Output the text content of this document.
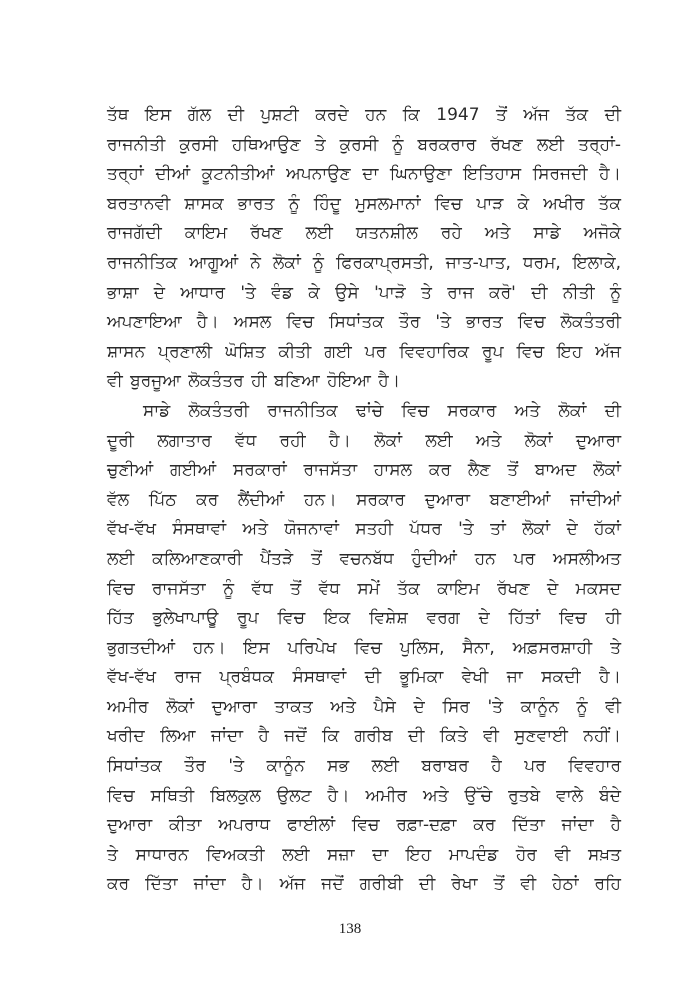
ਤੱਥ ਇਸ ਗੱਲ ਦੀ ਪੁਸ਼ਟੀ ਕਰਦੇ ਹਨ ਕਿ 1947 ਤੋਂ ਅੱਜ ਤੱਕ ਦੀ
ਰਾਜਨੀਤੀ ਕੁਰਸੀ ਹਥਿਆਉਣ ਤੇ ਕੁਰਸੀ ਨੂੰ ਬਰਕਰਾਰ ਰੱਖਣ ਲਈ ਤਰ੍ਹਾਂ-
ਤਰ੍ਹਾਂ ਦੀਆਂ ਕੂਟਨੀਤੀਆਂ ਅਪਨਾਉਣ ਦਾ ਘਿਨਾਉਣਾ ਇਤਿਹਾਸ ਸਿਰਜਦੀ ਹੈ।
ਬਰਤਾਨਵੀ ਸ਼ਾਸਕ ਭਾਰਤ ਨੂੰ ਹਿੰਦੂ ਮੁਸਲਮਾਨਾਂ ਵਿਚ ਪਾੜ ਕੇ ਅਖੀਰ ਤੱਕ
ਰਾਜਗੱਦੀ ਕਾਇਮ ਰੱਖਣ ਲਈ ਯਤਨਸ਼ੀਲ ਰਹੇ ਅਤੇ ਸਾਡੇ ਅਜੋਕੇ
ਰਾਜਨੀਤਿਕ ਆਗੂਆਂ ਨੇ ਲੋਕਾਂ ਨੂੰ ਫਿਰਕਾਪ੍ਰਸਤੀ, ਜਾਤ-ਪਾਤ, ਧਰਮ, ਇਲਾਕੇ,
ਭਾਸ਼ਾ ਦੇ ਆਧਾਰ 'ਤੇ ਵੰਡ ਕੇ ਉਸੇ 'ਪਾੜੋ ਤੇ ਰਾਜ ਕਰੋ' ਦੀ ਨੀਤੀ ਨੂੰ
ਅਪਣਾਇਆ ਹੈ। ਅਸਲ ਵਿਚ ਸਿਧਾਂਤਕ ਤੌਰ 'ਤੇ ਭਾਰਤ ਵਿਚ ਲੋਕਤੰਤਰੀ
ਸ਼ਾਸਨ ਪ੍ਰਣਾਲੀ ਘੋਸ਼ਿਤ ਕੀਤੀ ਗਈ ਪਰ ਵਿਵਹਾਰਿਕ ਰੂਪ ਵਿਚ ਇਹ ਅੱਜ
ਵੀ ਬੁਰਜੂਆ ਲੋਕਤੰਤਰ ਹੀ ਬਣਿਆ ਹੋਇਆ ਹੈ।
ਸਾਡੇ ਲੋਕਤੰਤਰੀ ਰਾਜਨੀਤਿਕ ਢਾਂਚੇ ਵਿਚ ਸਰਕਾਰ ਅਤੇ ਲੋਕਾਂ ਦੀ
ਦੂਰੀ ਲਗਾਤਾਰ ਵੱਧ ਰਹੀ ਹੈ। ਲੋਕਾਂ ਲਈ ਅਤੇ ਲੋਕਾਂ ਦੁਆਰਾ
ਚੁਣੀਆਂ ਗਈਆਂ ਸਰਕਾਰਾਂ ਰਾਜਸੱਤਾ ਹਾਸਲ ਕਰ ਲੈਣ ਤੋਂ ਬਾਅਦ ਲੋਕਾਂ
ਵੱਲ ਪਿੱਠ ਕਰ ਲੈਂਦੀਆਂ ਹਨ। ਸਰਕਾਰ ਦੁਆਰਾ ਬਣਾਈਆਂ ਜਾਂਦੀਆਂ
ਵੱਖ-ਵੱਖ ਸੰਸਥਾਵਾਂ ਅਤੇ ਯੋਜਨਾਵਾਂ ਸਤਹੀ ਪੱਧਰ 'ਤੇ ਤਾਂ ਲੋਕਾਂ ਦੇ ਹੱਕਾਂ
ਲਈ ਕਲਿਆਣਕਾਰੀ ਪੈਂਤੜੇ ਤੋਂ ਵਚਨਬੱਧ ਹੁੰਦੀਆਂ ਹਨ ਪਰ ਅਸਲੀਅਤ
ਵਿਚ ਰਾਜਸੱਤਾ ਨੂੰ ਵੱਧ ਤੋਂ ਵੱਧ ਸਮੇਂ ਤੱਕ ਕਾਇਮ ਰੱਖਣ ਦੇ ਮਕਸਦ
ਹਿੱਤ ਭੁਲੇਖਾਪਾਊ ਰੂਪ ਵਿਚ ਇਕ ਵਿਸ਼ੇਸ਼ ਵਰਗ ਦੇ ਹਿੱਤਾਂ ਵਿਚ ਹੀ
ਭੁਗਤਦੀਆਂ ਹਨ। ਇਸ ਪਰਿਪੇਖ ਵਿਚ ਪੁਲਿਸ, ਸੈਨਾ, ਅਫ਼ਸਰਸ਼ਾਹੀ ਤੇ
ਵੱਖ-ਵੱਖ ਰਾਜ ਪ੍ਰਬੰਧਕ ਸੰਸਥਾਵਾਂ ਦੀ ਭੂਮਿਕਾ ਵੇਖੀ ਜਾ ਸਕਦੀ ਹੈ।
ਅਮੀਰ ਲੋਕਾਂ ਦੁਆਰਾ ਤਾਕਤ ਅਤੇ ਪੈਸੇ ਦੇ ਸਿਰ 'ਤੇ ਕਾਨੂੰਨ ਨੂੰ ਵੀ
ਖਰੀਦ ਲਿਆ ਜਾਂਦਾ ਹੈ ਜਦੋਂ ਕਿ ਗਰੀਬ ਦੀ ਕਿਤੇ ਵੀ ਸੁਣਵਾਈ ਨਹੀਂ।
ਸਿਧਾਂਤਕ ਤੌਰ 'ਤੇ ਕਾਨੂੰਨ ਸਭ ਲਈ ਬਰਾਬਰ ਹੈ ਪਰ ਵਿਵਹਾਰ
ਵਿਚ ਸਥਿਤੀ ਬਿਲਕੁਲ ਉਲਟ ਹੈ। ਅਮੀਰ ਅਤੇ ਉੱਚੇ ਰੁਤਬੇ ਵਾਲੇ ਬੰਦੇ
ਦੁਆਰਾ ਕੀਤਾ ਅਪਰਾਧ ਫਾਈਲਾਂ ਵਿਚ ਰਫ਼ਾ-ਦਫ਼ਾ ਕਰ ਦਿੱਤਾ ਜਾਂਦਾ ਹੈ
ਤੇ ਸਾਧਾਰਨ ਵਿਅਕਤੀ ਲਈ ਸਜ਼ਾ ਦਾ ਇਹ ਮਾਪਦੰਡ ਹੋਰ ਵੀ ਸਖ਼ਤ
ਕਰ ਦਿੱਤਾ ਜਾਂਦਾ ਹੈ। ਅੱਜ ਜਦੋਂ ਗਰੀਬੀ ਦੀ ਰੇਖਾ ਤੋਂ ਵੀ ਹੇਠਾਂ ਰਹਿ
138
